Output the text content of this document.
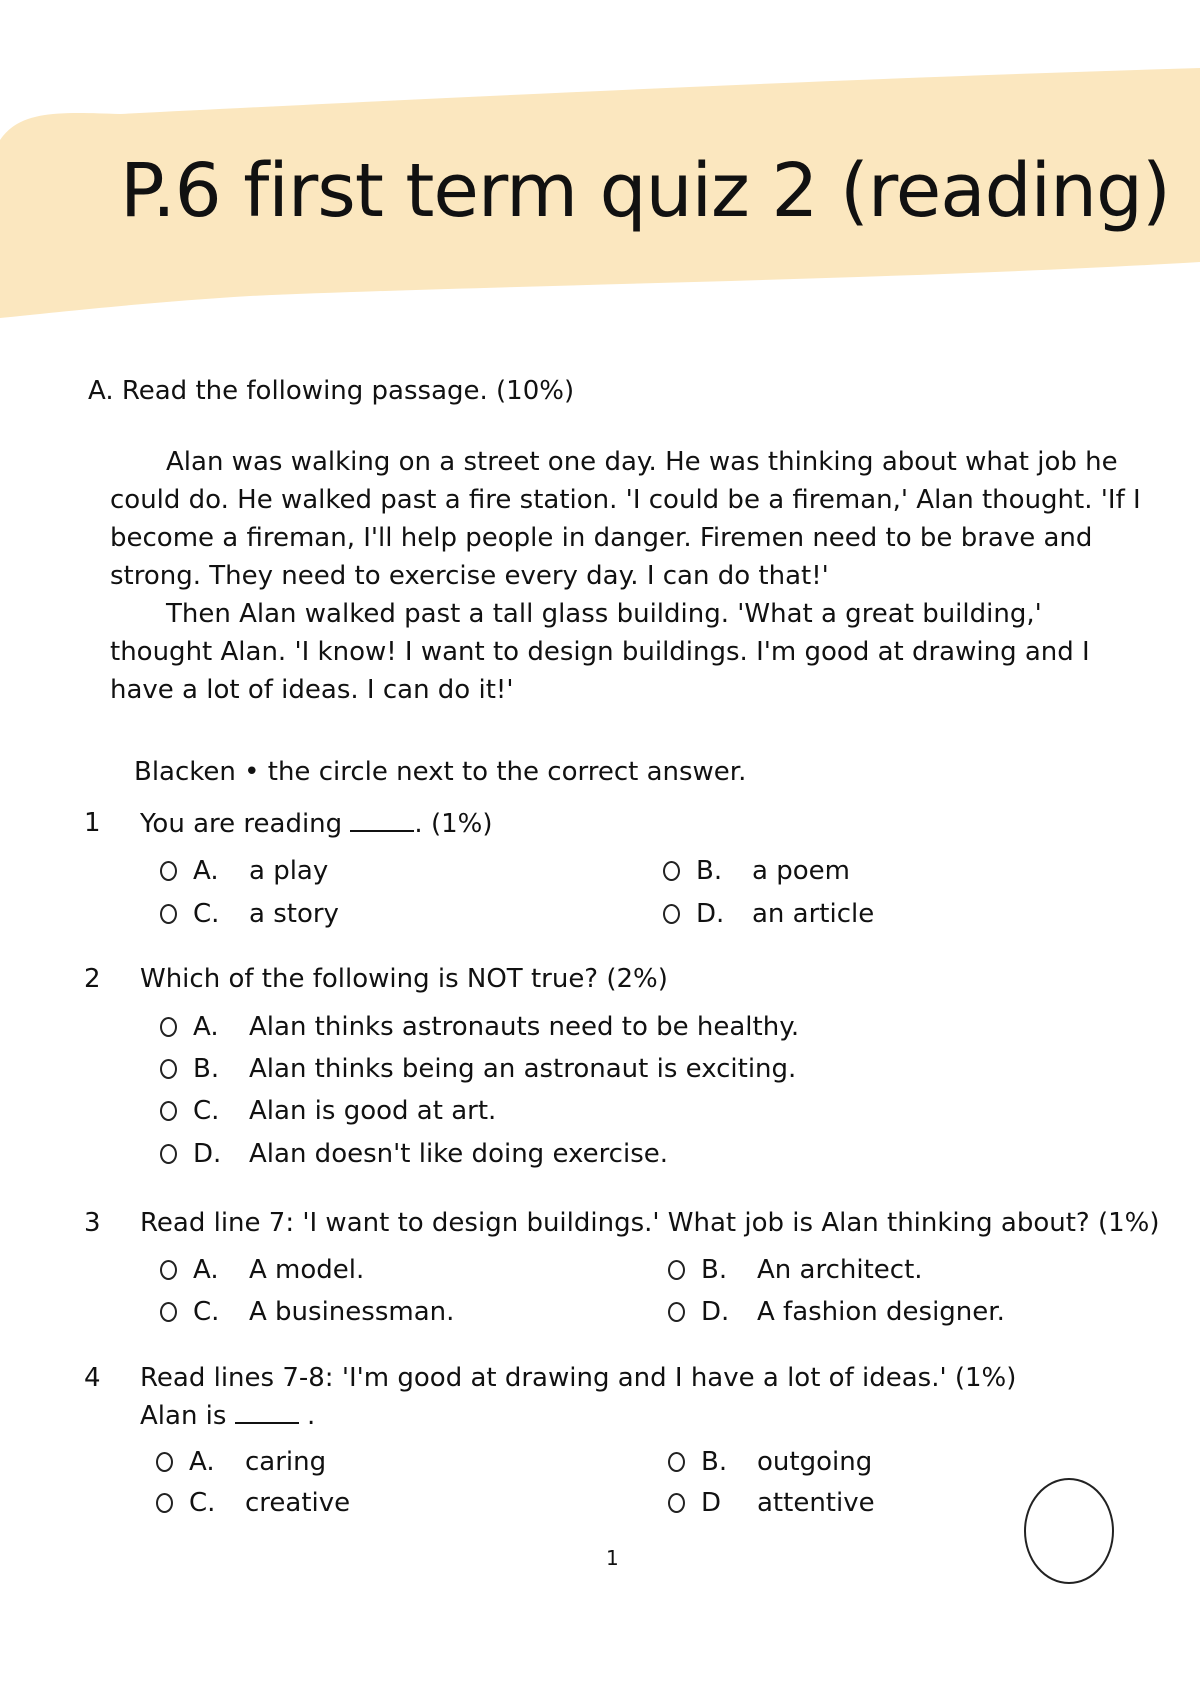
P.6 first term quiz 2 (reading)
A. Read the following passage. (10%)

Alan was walking on a street one day. He was thinking about what job he could do. He walked past a fire station. 'I could be a fireman,' Alan thought. 'If I become a fireman, I'll help people in danger. Firemen need to be brave and strong. They need to exercise every day. I can do that!'

Then Alan walked past a tall glass building. 'What a great building,' thought Alan. 'I know! I want to design buildings. I'm good at drawing and I have a lot of ideas. I can do it!'

Blacken • the circle next to the correct answer.
1 You are reading	. (1%)
A.	a play	B.	a poem
C.	a story	D.	an article
2 Which of the following is NOT true? (2%)
A.	Alan thinks astronauts need to be healthy.
B.	Alan thinks being an astronaut is exciting.
C.	Alan is good at art.
D.	Alan doesn't like doing exercise.
3 Read line 7: 'I want to design buildings.' What job is Alan thinking about? (1%)
A.	A model.	B.	An architect.
C.	A businessman.	D.	A fashion designer.
4 Read lines 7-8: 'I'm good at drawing and I have a lot of ideas.' (1%)
Alan is	.
A.	caring	B.	outgoing
C.	creative	D	attentive
1
